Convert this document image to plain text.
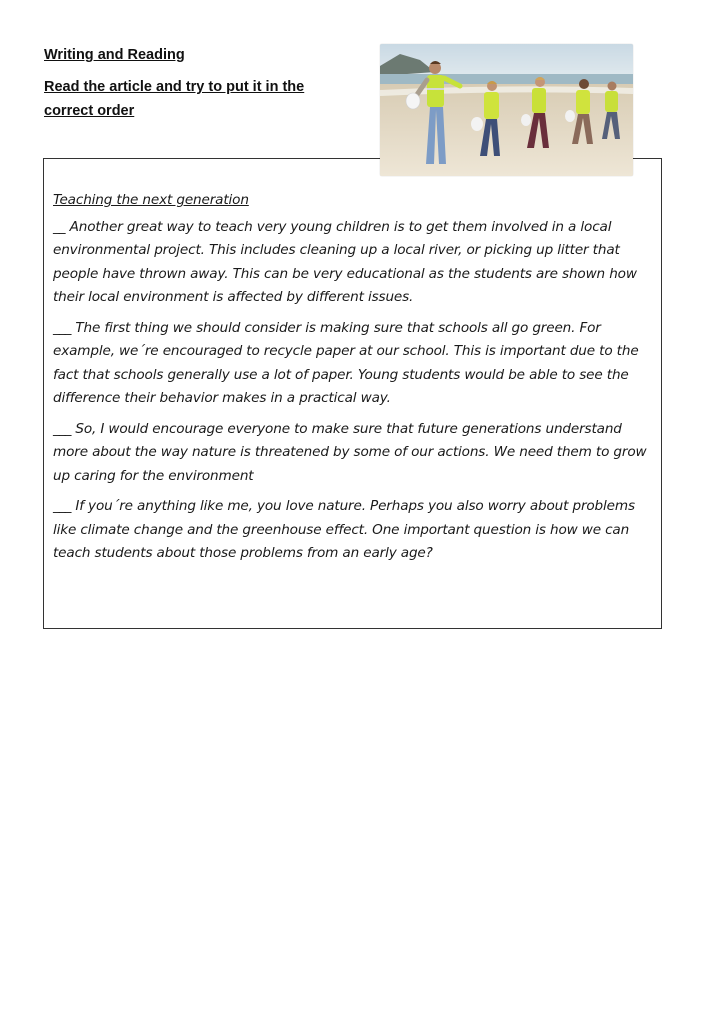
Writing and Reading

Read the article and try to put it in the correct order

Teaching the next generation

__ Another great way to teach very young children is to get them involved in a local environmental project. This includes cleaning up a local river, or picking up litter that people have thrown away. This can be very educational as the students are shown how their local environment is affected by different issues.

___ The first thing we should consider is making sure that schools all go green. For example, we´re encouraged to recycle paper at our school. This is important due to the fact that schools generally use a lot of paper. Young students would be able to see the difference their behavior makes in a practical way.

___ So, I would encourage everyone to make sure that future generations understand more about the way nature is threatened by some of our actions. We need them to grow up caring for the environment

___ If you´re anything like me, you love nature. Perhaps you also worry about problems like climate change and the greenhouse effect. One important question is how we can teach students about those problems from an early age?
